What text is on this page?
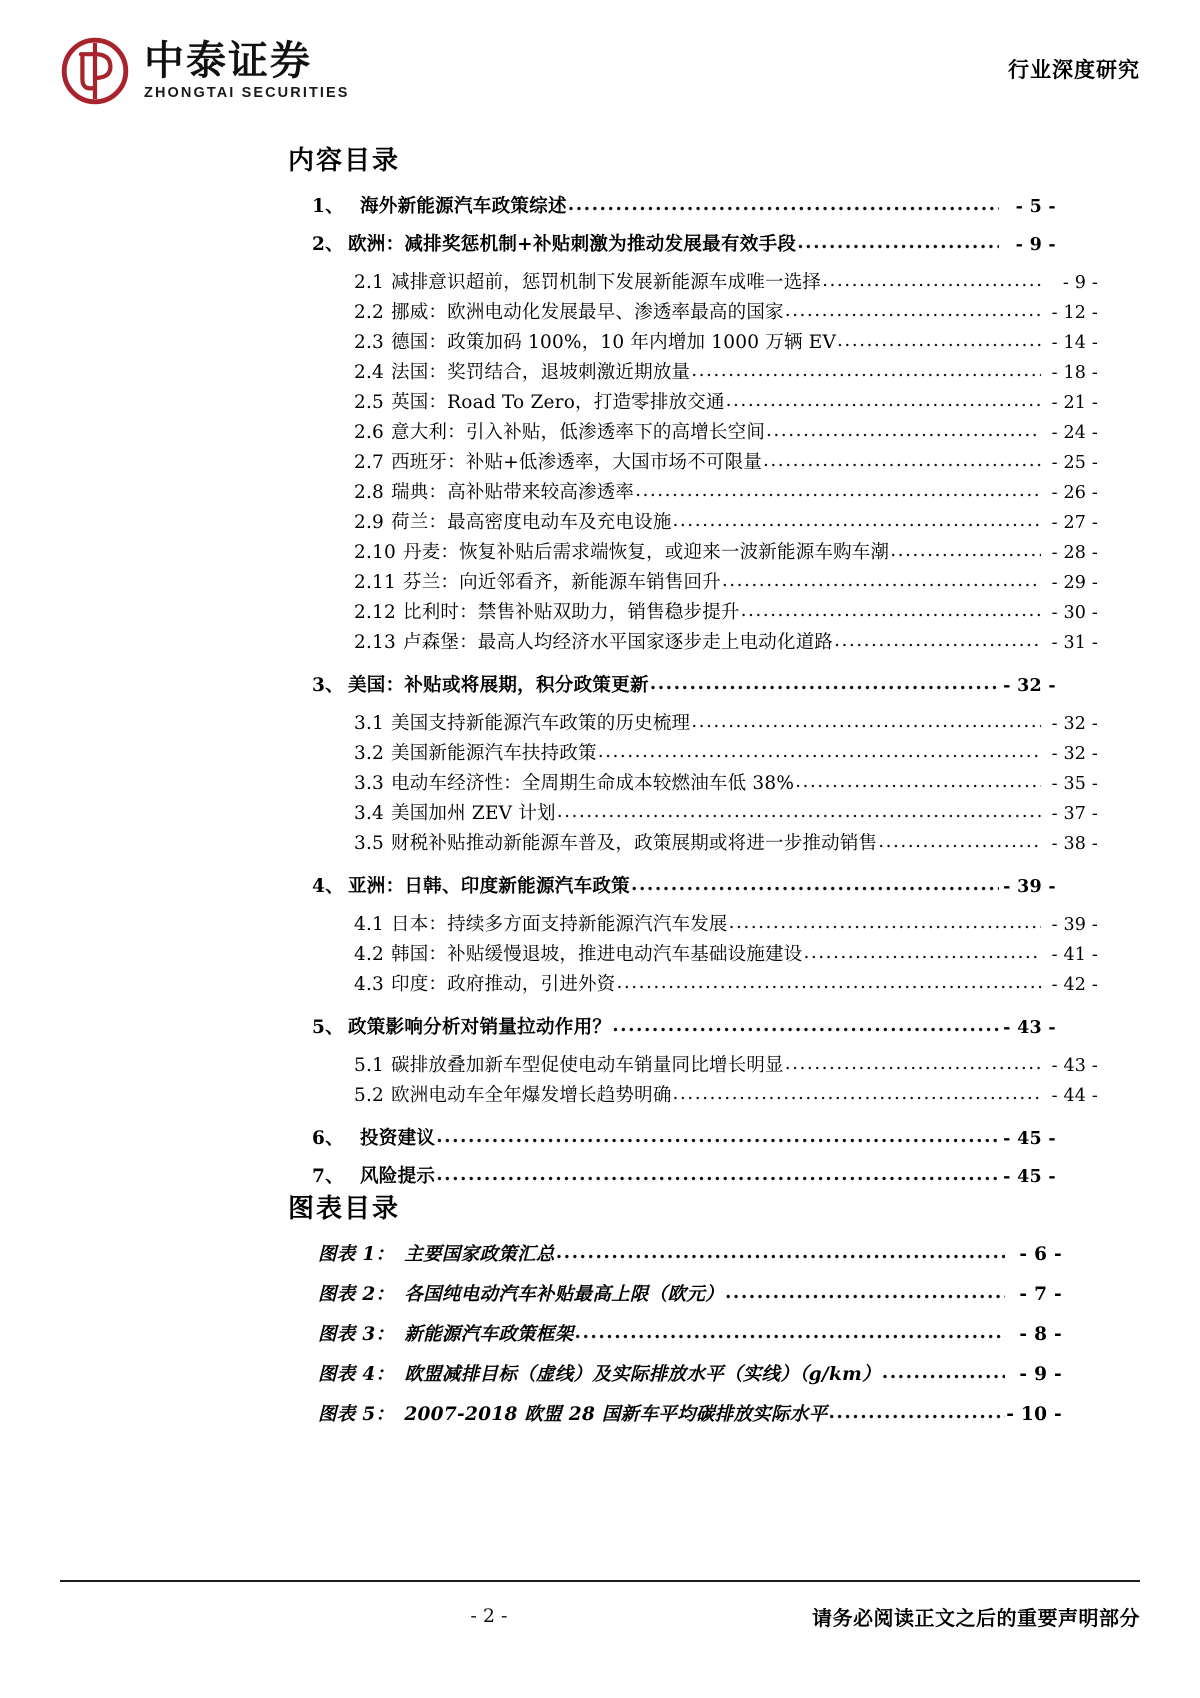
中泰证券
ZHONGTAI SECURITIES
行业深度研究
内容目录
1、 海外新能源汽车政策综述 .....	- 5 -
2、 欧洲：减排奖惩机制+补贴刺激为推动发展最有效手段 .....	- 9 -
2.1 减排意识超前，惩罚机制下发展新能源车成唯一选择 .....	- 9 -
2.2 挪威：欧洲电动化发展最早、渗透率最高的国家 .....	- 12 -
2.3 德国：政策加码 100%，10 年内增加 1000 万辆 EV .....	- 14 -
2.4 法国：奖罚结合，退坡刺激近期放量 .....	- 18 -
2.5 英国：Road To Zero，打造零排放交通 .....	- 21 -
2.6 意大利：引入补贴，低渗透率下的高增长空间 .....	- 24 -
2.7 西班牙：补贴+低渗透率，大国市场不可限量 .....	- 25 -
2.8 瑞典：高补贴带来较高渗透率 .....	- 26 -
2.9 荷兰：最高密度电动车及充电设施 .....	- 27 -
2.10 丹麦：恢复补贴后需求端恢复，或迎来一波新能源车购车潮 .....	- 28 -
2.11 芬兰：向近邻看齐，新能源车销售回升 .....	- 29 -
2.12 比利时：禁售补贴双助力，销售稳步提升 .....	- 30 -
2.13 卢森堡：最高人均经济水平国家逐步走上电动化道路 .....	- 31 -
3、 美国：补贴或将展期，积分政策更新 .....	- 32 -
3.1 美国支持新能源汽车政策的历史梳理 .....	- 32 -
3.2 美国新能源汽车扶持政策 .....	- 32 -
3.3 电动车经济性：全周期生命成本较燃油车低 38% .....	- 35 -
3.4 美国加州 ZEV 计划 .....	- 37 -
3.5 财税补贴推动新能源车普及，政策展期或将进一步推动销售 .....	- 38 -
4、 亚洲：日韩、印度新能源汽车政策 .....	- 39 -
4.1 日本：持续多方面支持新能源汽汽车发展 .....	- 39 -
4.2 韩国：补贴缓慢退坡，推进电动汽车基础设施建设 .....	- 41 -
4.3 印度：政府推动，引进外资 .....	- 42 -
5、 政策影响分析对销量拉动作用？ .....	- 43 -
5.1 碳排放叠加新车型促使电动车销量同比增长明显 .....	- 43 -
5.2 欧洲电动车全年爆发增长趋势明确 .....	- 44 -
6、 投资建议 .....	- 45 -
7、 风险提示 .....	- 45 -
图表目录
图表 1： 主要国家政策汇总 .....	- 6 -
图表 2： 各国纯电动汽车补贴最高上限（欧元） .....	- 7 -
图表 3： 新能源汽车政策框架 .....	- 8 -
图表 4： 欧盟减排目标（虚线）及实际排放水平（实线）（g/km） .....	- 9 -
图表 5： 2007-2018 欧盟 28 国新车平均碳排放实际水平 .....	- 10 -
- 2 -	请务必阅读正文之后的重要声明部分
